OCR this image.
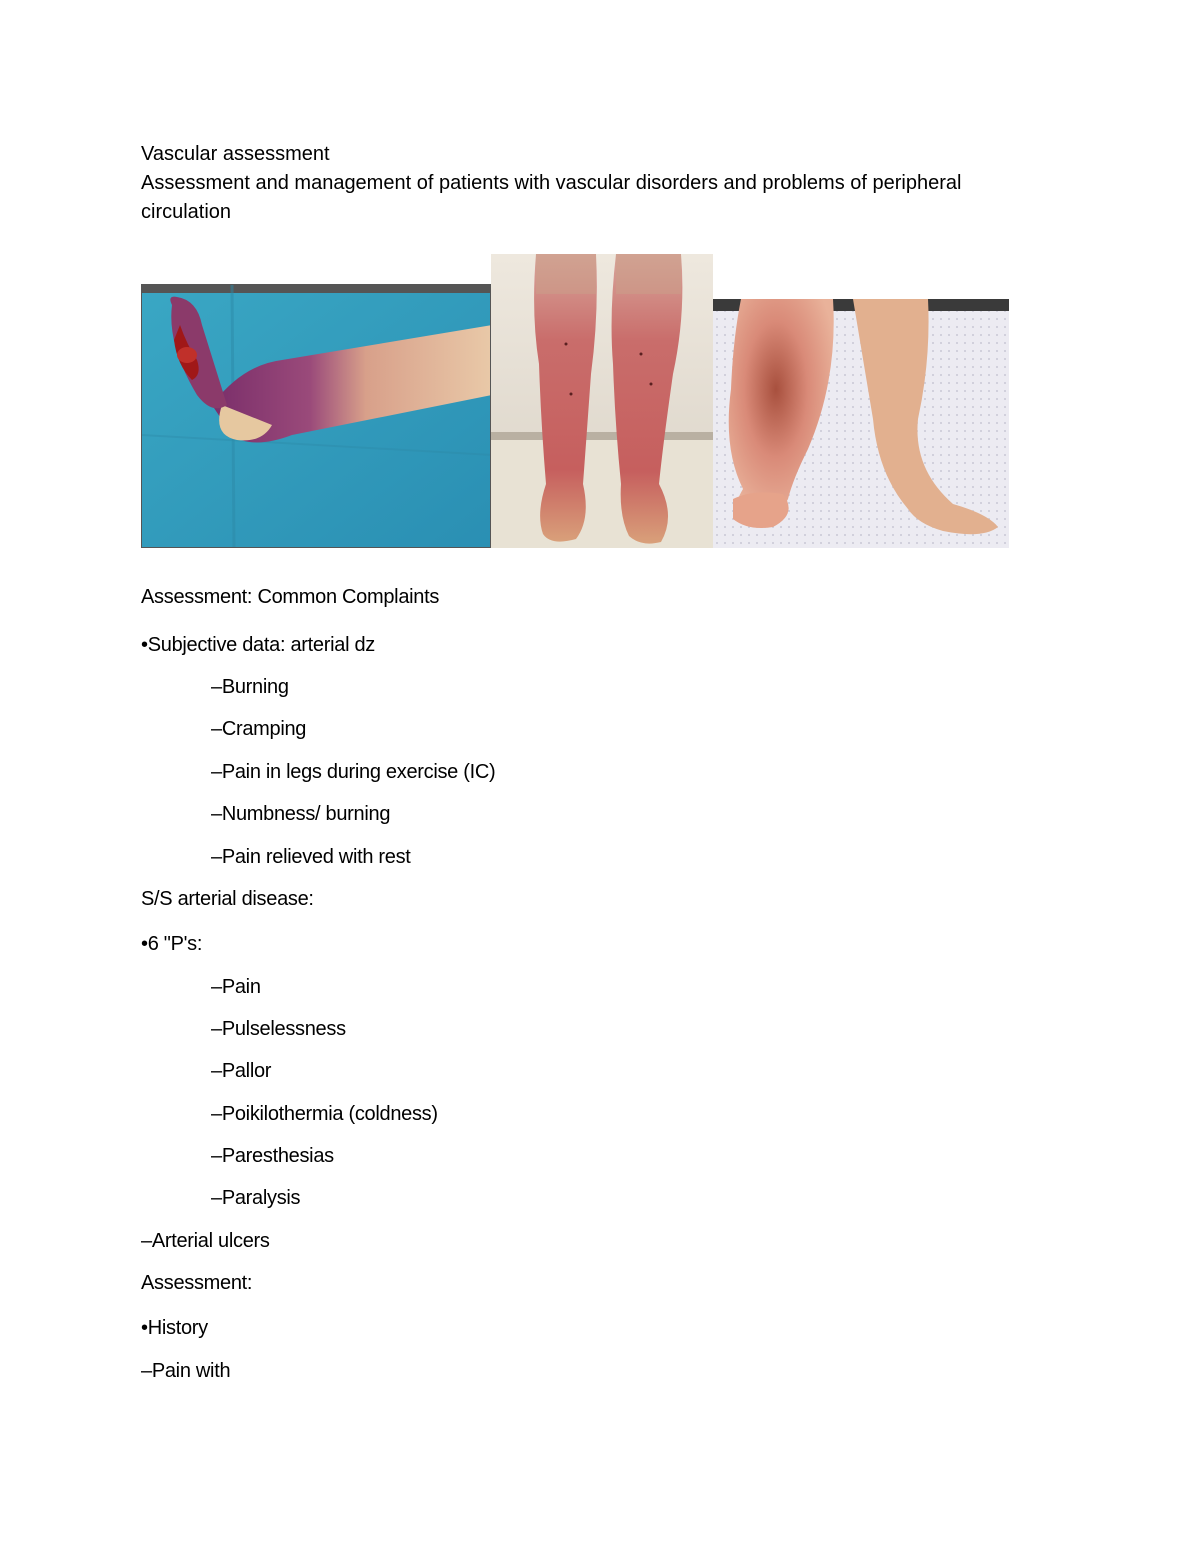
Vascular assessment
Assessment and management of patients with vascular disorders and problems of peripheral
circulation
Assessment: Common Complaints
•Subjective data: arterial dz
–Burning
–Cramping
–Pain in legs during exercise (IC)
–Numbness/ burning
–Pain relieved with rest
S/S arterial disease:
•6 "P's:
–Pain
–Pulselessness
–Pallor
–Poikilothermia (coldness)
–Paresthesias
–Paralysis
–Arterial ulcers
Assessment:
•History
–Pain with
